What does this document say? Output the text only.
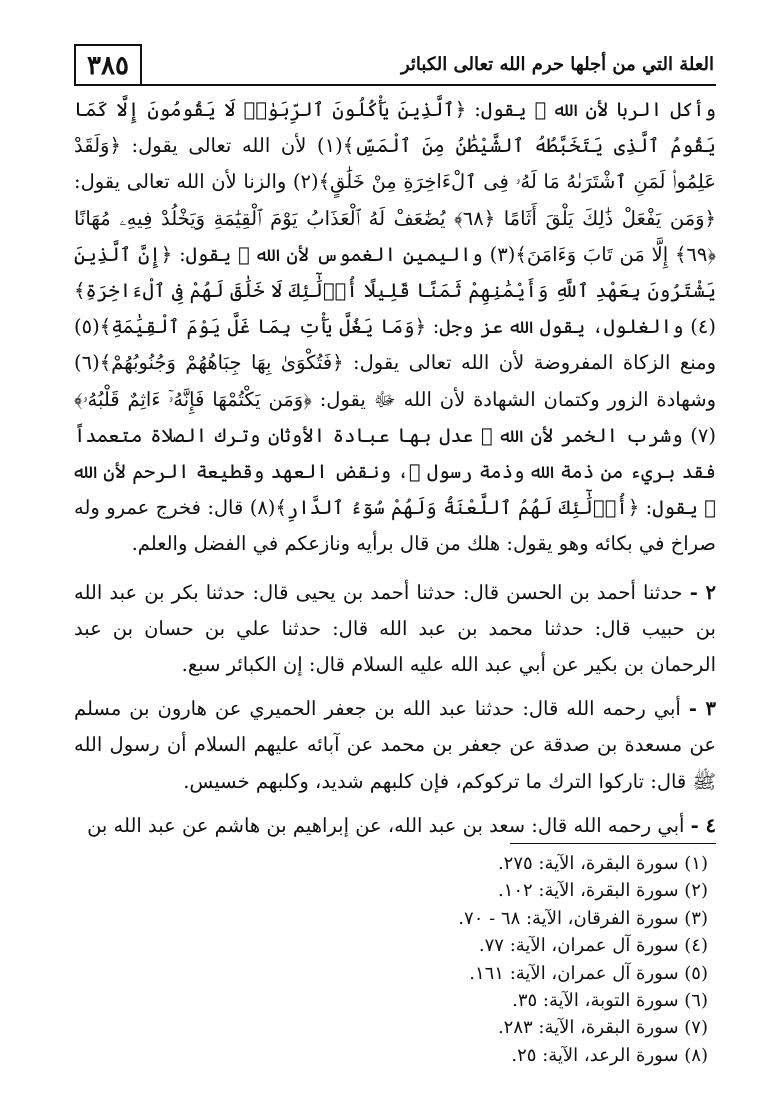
٣٨٥	العلة التي من أجلها حرم الله تعالى الكبائر

وأكل الربا لأن الله ﷻ يقول: ﴿ٱلَّذِينَ يَأْكُلُونَ ٱلرِّبَوٰا۟ لَا يَقُومُونَ إِلَّا كَمَا يَقُومُ ٱلَّذِى يَتَخَبَّطُهُ ٱلشَّيْطَٰنُ مِنَ ٱلْمَسِّ﴾(١) لأن الله تعالى يقول: ﴿وَلَقَدْ عَلِمُوا۟ لَمَنِ ٱشْتَرَىٰهُ مَا لَهُۥ فِى ٱلْءَاخِرَةِ مِنْ خَلَٰقٍ﴾(٢) والزنا لأن الله تعالى يقول: ﴿وَمَن يَفْعَلْ ذَٰلِكَ يَلْقَ أَثَامًا ﴿٦٨﴾ يُضَٰعَفْ لَهُ ٱلْعَذَابُ يَوْمَ ٱلْقِيَٰمَةِ وَيَخْلُدْ فِيهِۦ مُهَانًا ﴿٦٩﴾ إِلَّا مَن تَابَ وَءَامَنَ﴾(٣) واليمين الغموس لأن الله ﷻ يقول: ﴿إِنَّ ٱلَّذِينَ يَشْتَرُونَ بِعَهْدِ ٱللَّهِ وَأَيْمَٰنِهِمْ ثَمَنًا قَلِيلًا أُو۟لَٰٓئِكَ لَا خَلَٰقَ لَهُمْ فِى ٱلْءَاخِرَةِ﴾(٤) والغلول، يقول الله عز وجل: ﴿وَمَا يَغُلَّ يَأْتِ بِمَا غَلَّ يَوْمَ ٱلْقِيَٰمَةِ﴾(٥) ومنع الزكاة المفروضة لأن الله تعالى يقول: ﴿فَتُكْوَىٰ بِهَا جِبَاهُهُمْ وَجُنُوبُهُمْ﴾(٦) وشهادة الزور وكتمان الشهادة لأن الله ﷻ يقول: ﴿وَمَن يَكْتُمْهَا فَإِنَّهُۥٓ ءَاثِمٌ قَلْبُهُۥ﴾(٧) وشرب الخمر لأن الله ﷻ عدل بها عبادة الأوثان وترك الصلاة متعمداً فقد بريء من ذمة الله وذمة رسول ﷺ، ونقض العهد وقطيعة الرحم لأن الله ﷻ يقول: ﴿أُو۟لَٰٓئِكَ لَهُمُ ٱللَّعْنَةُ وَلَهُمْ سُوٓءُ ٱلدَّارِ﴾(٨) قال: فخرج عمرو وله صراخ في بكائه وهو يقول: هلك من قال برأيه ونازعكم في الفضل والعلم.

٢ - حدثنا أحمد بن الحسن قال: حدثنا أحمد بن يحيى قال: حدثنا بكر بن عبد الله بن حبيب قال: حدثنا محمد بن عبد الله قال: حدثنا علي بن حسان بن عبد الرحمان بن بكير عن أبي عبد الله عليه السلام قال: إن الكبائر سبع.

٣ - أبي رحمه الله قال: حدثنا عبد الله بن جعفر الحميري عن هارون بن مسلم عن مسعدة بن صدقة عن جعفر بن محمد عن آبائه عليهم السلام أن رسول الله ﷺ قال: تاركوا الترك ما تركوكم، فإن كلبهم شديد، وكلبهم خسيس.

٤ - أبي رحمه الله قال: سعد بن عبد الله، عن إبراهيم بن هاشم عن عبد الله بن

(١) سورة البقرة، الآية: ٢٧٥.
(٢) سورة البقرة، الآية: ١٠٢.
(٣) سورة الفرقان، الآية: ٦٨ - ٧٠.
(٤) سورة آل عمران، الآية: ٧٧.
(٥) سورة آل عمران، الآية: ١٦١.
(٦) سورة التوبة، الآية: ٣٥.
(٧) سورة البقرة، الآية: ٢٨٣.
(٨) سورة الرعد، الآية: ٢٥.
